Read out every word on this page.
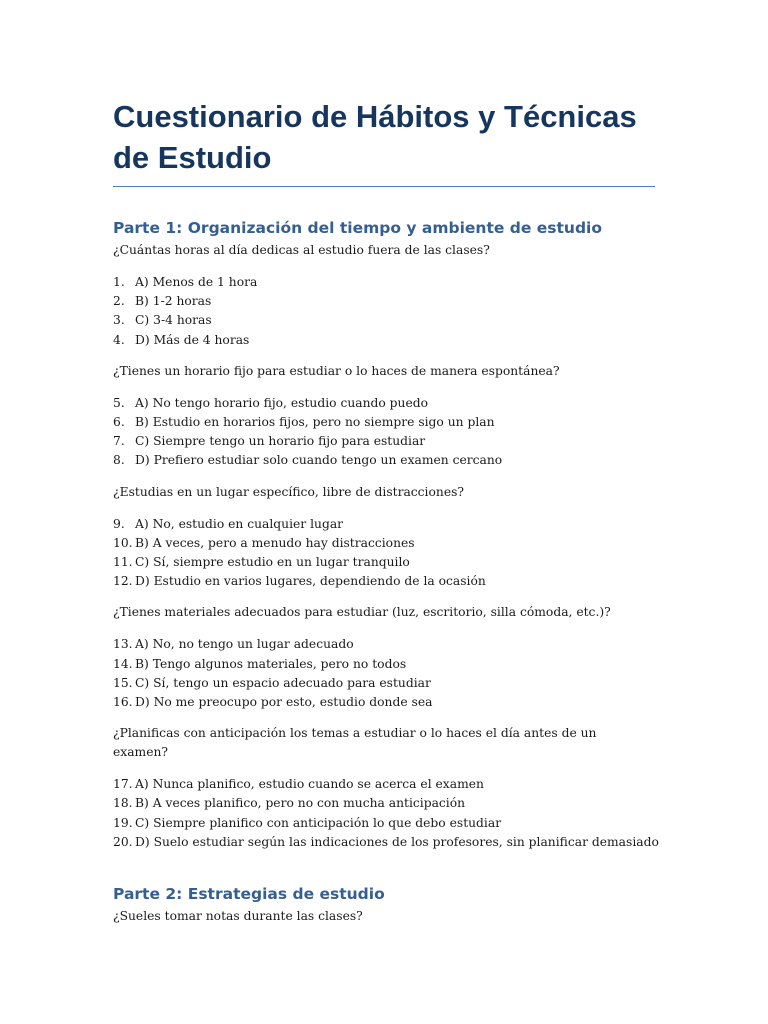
Cuestionario de Hábitos y Técnicas de Estudio
Parte 1: Organización del tiempo y ambiente de estudio

¿Cuántas horas al día dedicas al estudio fuera de las clases?

1. A) Menos de 1 hora
2. B) 1-2 horas
3. C) 3-4 horas
4. D) Más de 4 horas

¿Tienes un horario fijo para estudiar o lo haces de manera espontánea?

5. A) No tengo horario fijo, estudio cuando puedo
6. B) Estudio en horarios fijos, pero no siempre sigo un plan
7. C) Siempre tengo un horario fijo para estudiar
8. D) Prefiero estudiar solo cuando tengo un examen cercano

¿Estudias en un lugar específico, libre de distracciones?

9. A) No, estudio en cualquier lugar
10. B) A veces, pero a menudo hay distracciones
11. C) Sí, siempre estudio en un lugar tranquilo
12. D) Estudio en varios lugares, dependiendo de la ocasión

¿Tienes materiales adecuados para estudiar (luz, escritorio, silla cómoda, etc.)?

13. A) No, no tengo un lugar adecuado
14. B) Tengo algunos materiales, pero no todos
15. C) Sí, tengo un espacio adecuado para estudiar
16. D) No me preocupo por esto, estudio donde sea

¿Planificas con anticipación los temas a estudiar o lo haces el día antes de un examen?

17. A) Nunca planifico, estudio cuando se acerca el examen
18. B) A veces planifico, pero no con mucha anticipación
19. C) Siempre planifico con anticipación lo que debo estudiar
20. D) Suelo estudiar según las indicaciones de los profesores, sin planificar demasiado
Parte 2: Estrategias de estudio

¿Sueles tomar notas durante las clases?
